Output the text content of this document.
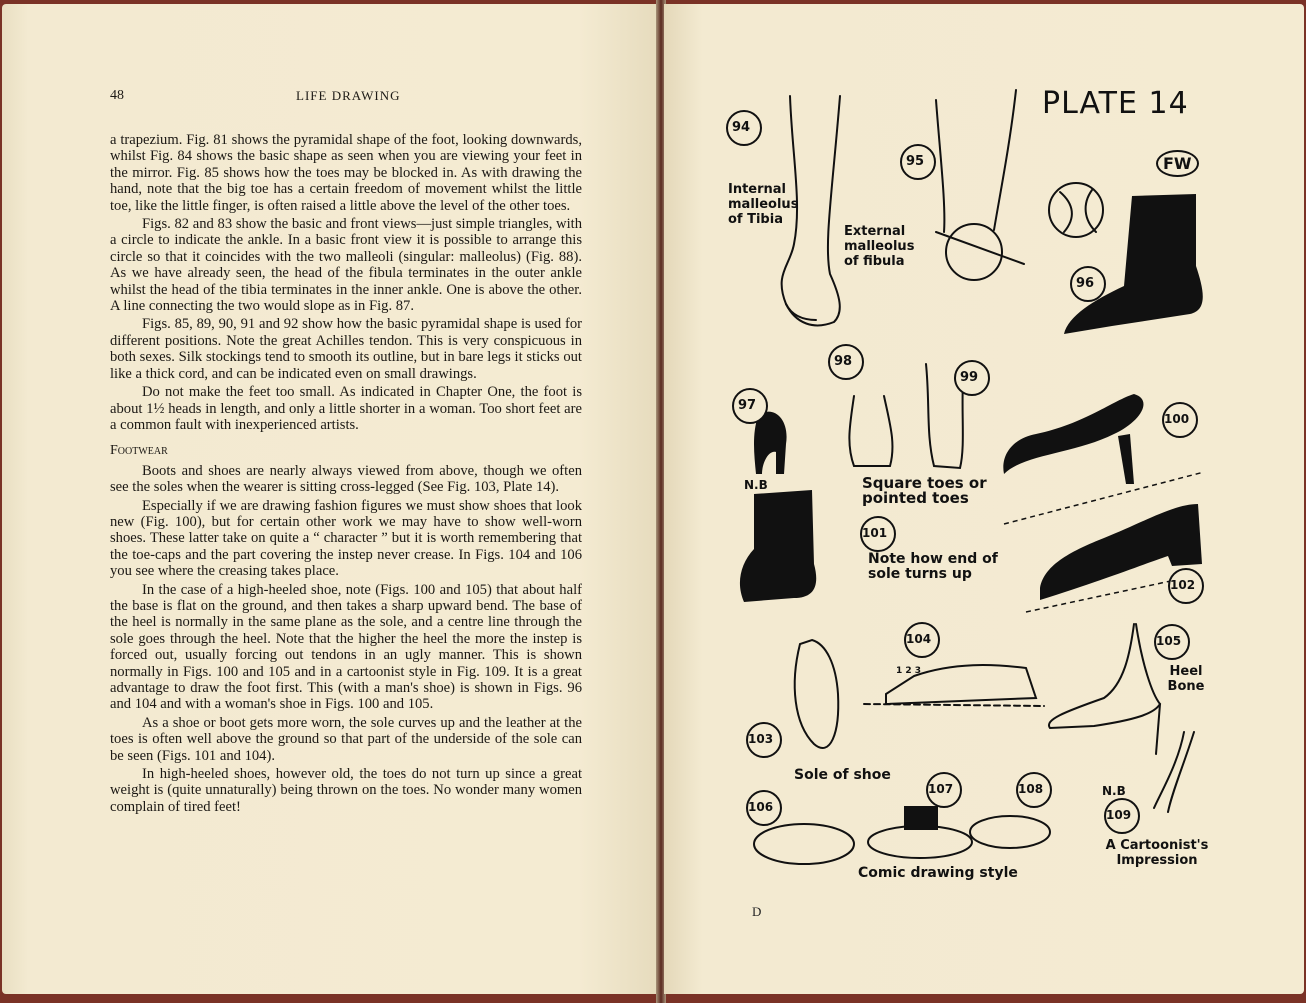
48	LIFE DRAWING

a trapezium. Fig. 81 shows the pyramidal shape of the foot, looking downwards, whilst Fig. 84 shows the basic shape as seen when you are viewing your feet in the mirror. Fig. 85 shows how the toes may be blocked in. As with drawing the hand, note that the big toe has a certain freedom of movement whilst the little toe, like the little finger, is often raised a little above the level of the other toes.

Figs. 82 and 83 show the basic and front views—just simple triangles, with a circle to indicate the ankle. In a basic front view it is possible to arrange this circle so that it coincides with the two malleoli (singular: malleolus) (Fig. 88). As we have already seen, the head of the fibula terminates in the outer ankle whilst the head of the tibia terminates in the inner ankle. One is above the other. A line connecting the two would slope as in Fig. 87.

Figs. 85, 89, 90, 91 and 92 show how the basic pyramidal shape is used for different positions. Note the great Achilles tendon. This is very conspicuous in both sexes. Silk stockings tend to smooth its outline, but in bare legs it sticks out like a thick cord, and can be indicated even on small drawings.

Do not make the feet too small. As indicated in Chapter One, the foot is about 1½ heads in length, and only a little shorter in a woman. Too short feet are a common fault with inexperienced artists.

Footwear

Boots and shoes are nearly always viewed from above, though we often see the soles when the wearer is sitting cross-legged (See Fig. 103, Plate 14).

Especially if we are drawing fashion figures we must show shoes that look new (Fig. 100), but for certain other work we may have to show well-worn shoes. These latter take on quite a “ character ” but it is worth remembering that the toe-caps and the part covering the instep never crease. In Figs. 104 and 106 you see where the creasing takes place.

In the case of a high-heeled shoe, note (Figs. 100 and 105) that about half the base is flat on the ground, and then takes a sharp upward bend. The base of the heel is normally in the same plane as the sole, and a centre line through the sole goes through the heel. Note that the higher the heel the more the instep is forced out, usually forcing out tendons in an ugly manner. This is shown normally in Figs. 100 and 105 and in a cartoonist style in Fig. 109. It is a great advantage to draw the foot first. This (with a man's shoe) is shown in Figs. 96 and 104 and with a woman's shoe in Figs. 100 and 105.

As a shoe or boot gets more worn, the sole curves up and the leather at the toes is often well above the ground so that part of the underside of the sole can be seen (Figs. 101 and 104).

In high-heeled shoes, however old, the toes do not turn up since a great weight is (quite unnaturally) being thrown on the toes. No wonder many women complain of tired feet!

PLATE 14
94
95
96
97
98
99
100
101
102
103
104	105
106
107	108
109
FW
Internal malleolus of Tibia
External malleolus of fibula
N.B	Square toes or pointed toes
Note how end of sole turns up
Heel Bone
Sole of shoe
Comic drawing style
N.B
A Cartoonist's Impression
1 2 3
D
